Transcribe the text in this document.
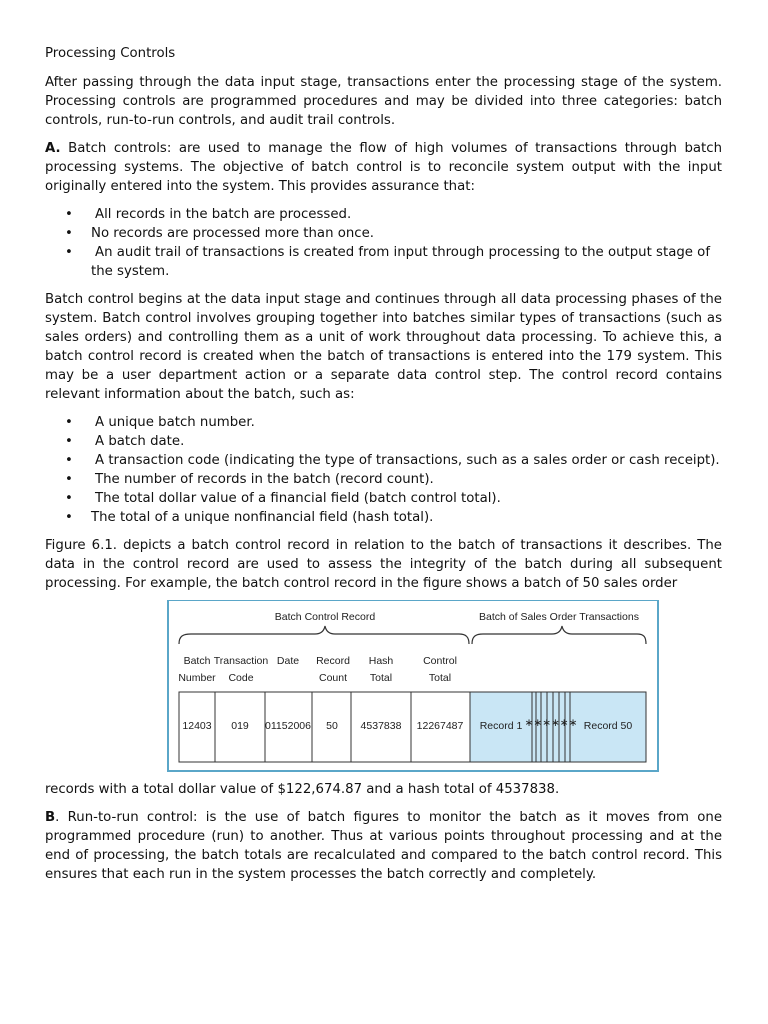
Processing Controls

After passing through the data input stage, transactions enter the processing stage of the system. Processing controls are programmed procedures and may be divided into three categories: batch controls, run-to-run controls, and audit trail controls.

A. Batch controls: are used to manage the flow of high volumes of transactions through batch processing systems. The objective of batch control is to reconcile system output with the input originally entered into the system. This provides assurance that:

• All records in the batch are processed.
• No records are processed more than once.
• An audit trail of transactions is created from input through processing to the output stage of the system.

Batch control begins at the data input stage and continues through all data processing phases of the system. Batch control involves grouping together into batches similar types of transactions (such as sales orders) and controlling them as a unit of work throughout data processing. To achieve this, a batch control record is created when the batch of transactions is entered into the 179 system. This may be a user department action or a separate data control step. The control record contains relevant information about the batch, such as:

• A unique batch number.
• A batch date.
• A transaction code (indicating the type of transactions, such as a sales order or cash receipt).
• The number of records in the batch (record count).
• The total dollar value of a financial field (batch control total).
• The total of a unique nonfinancial field (hash total).

Figure 6.1. depicts a batch control record in relation to the batch of transactions it describes. The data in the control record are used to assess the integrity of the batch during all subsequent processing. For example, the batch control record in the figure shows a batch of 50 sales order

Batch Control Record	Batch of Sales Order Transactions
Batch
Number
Transaction
Code
Date Record
Count
Hash
Total
Control
Total
12403 019 01152006 50 4537838 12267487 Record 1	Record 50
∗∗∗∗∗∗

records with a total dollar value of $122,674.87 and a hash total of 4537838.

B. Run-to-run control: is the use of batch figures to monitor the batch as it moves from one programmed procedure (run) to another. Thus at various points throughout processing and at the end of processing, the batch totals are recalculated and compared to the batch control record. This ensures that each run in the system processes the batch correctly and completely.
